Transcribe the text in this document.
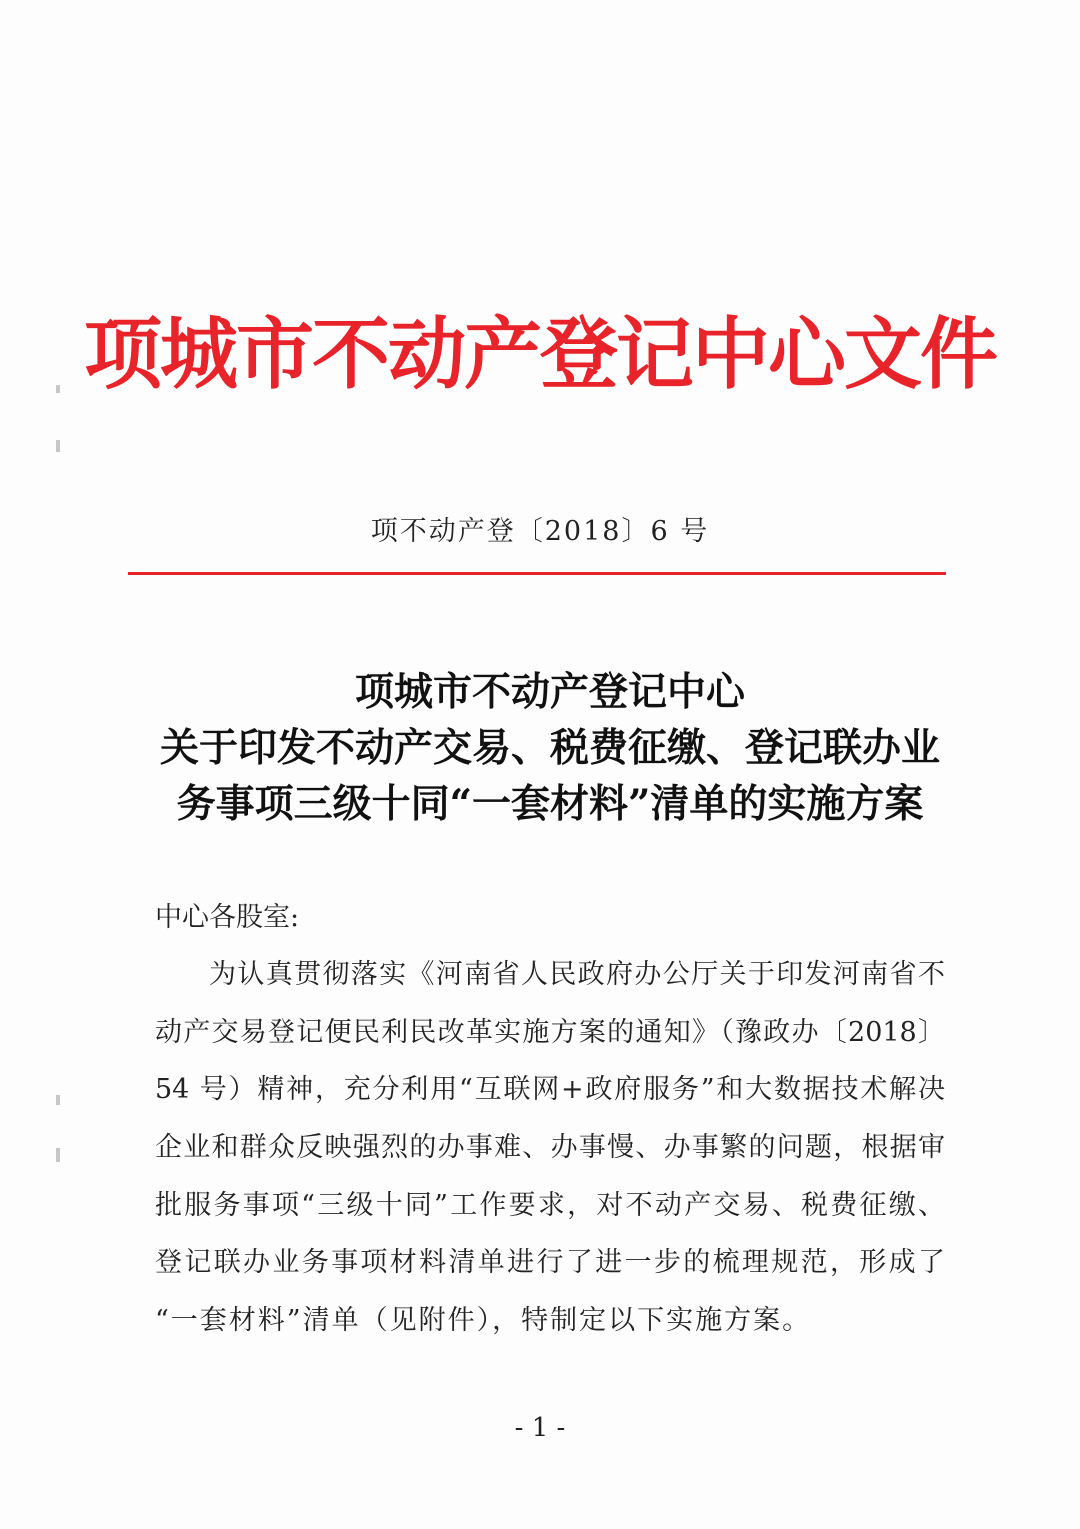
项城市不动产登记中心文件
项不动产登〔2018〕6 号
项城市不动产登记中心
关于印发不动产交易、税费征缴、登记联办业
务事项三级十同“一套材料”清单的实施方案
中心各股室:
为认真贯彻落实《河南省人民政府办公厅关于印发河南省不
动产交易登记便民利民改革实施方案的通知》（豫政办〔2018〕
54 号）精神，充分利用“互联网+政府服务”和大数据技术解决
企业和群众反映强烈的办事难、办事慢、办事繁的问题，根据审
批服务事项“三级十同”工作要求，对不动产交易、税费征缴、
登记联办业务事项材料清单进行了进一步的梳理规范，形成了
“一套材料”清单（见附件），特制定以下实施方案。
- 1 -
